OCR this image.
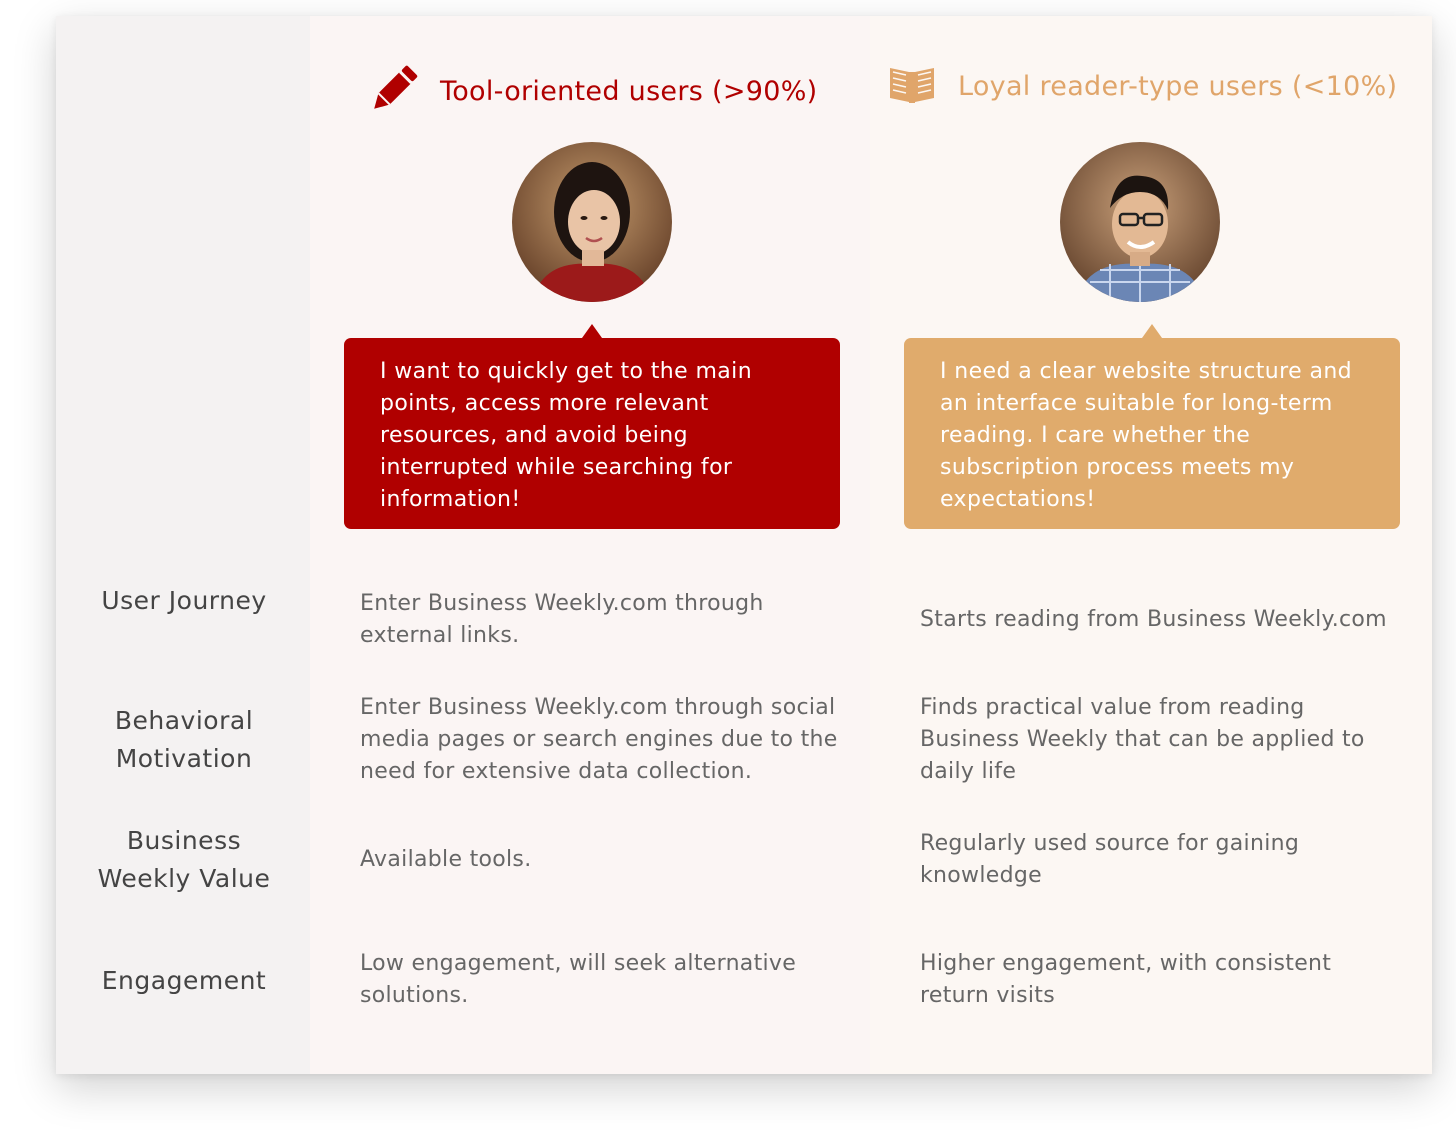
Tool-oriented users (>90%)	Loyal reader-type users (<10%)
I want to quickly get to the main points, access more relevant resources, and avoid being interrupted while searching for information!
I need a clear website structure and an interface suitable for long-term reading. I care whether the subscription process meets my expectations!
User Journey	Enter Business Weekly.com through external links.
Starts reading from Business Weekly.com
Behavioral Motivation
Enter Business Weekly.com through social media pages or search engines due to the need for extensive data collection.
Finds practical value from reading Business Weekly that can be applied to daily life
Business Weekly Value
Available tools.
Regularly used source for gaining knowledge
Engagement
Low engagement, will seek alternative solutions.
Higher engagement, with consistent return visits
